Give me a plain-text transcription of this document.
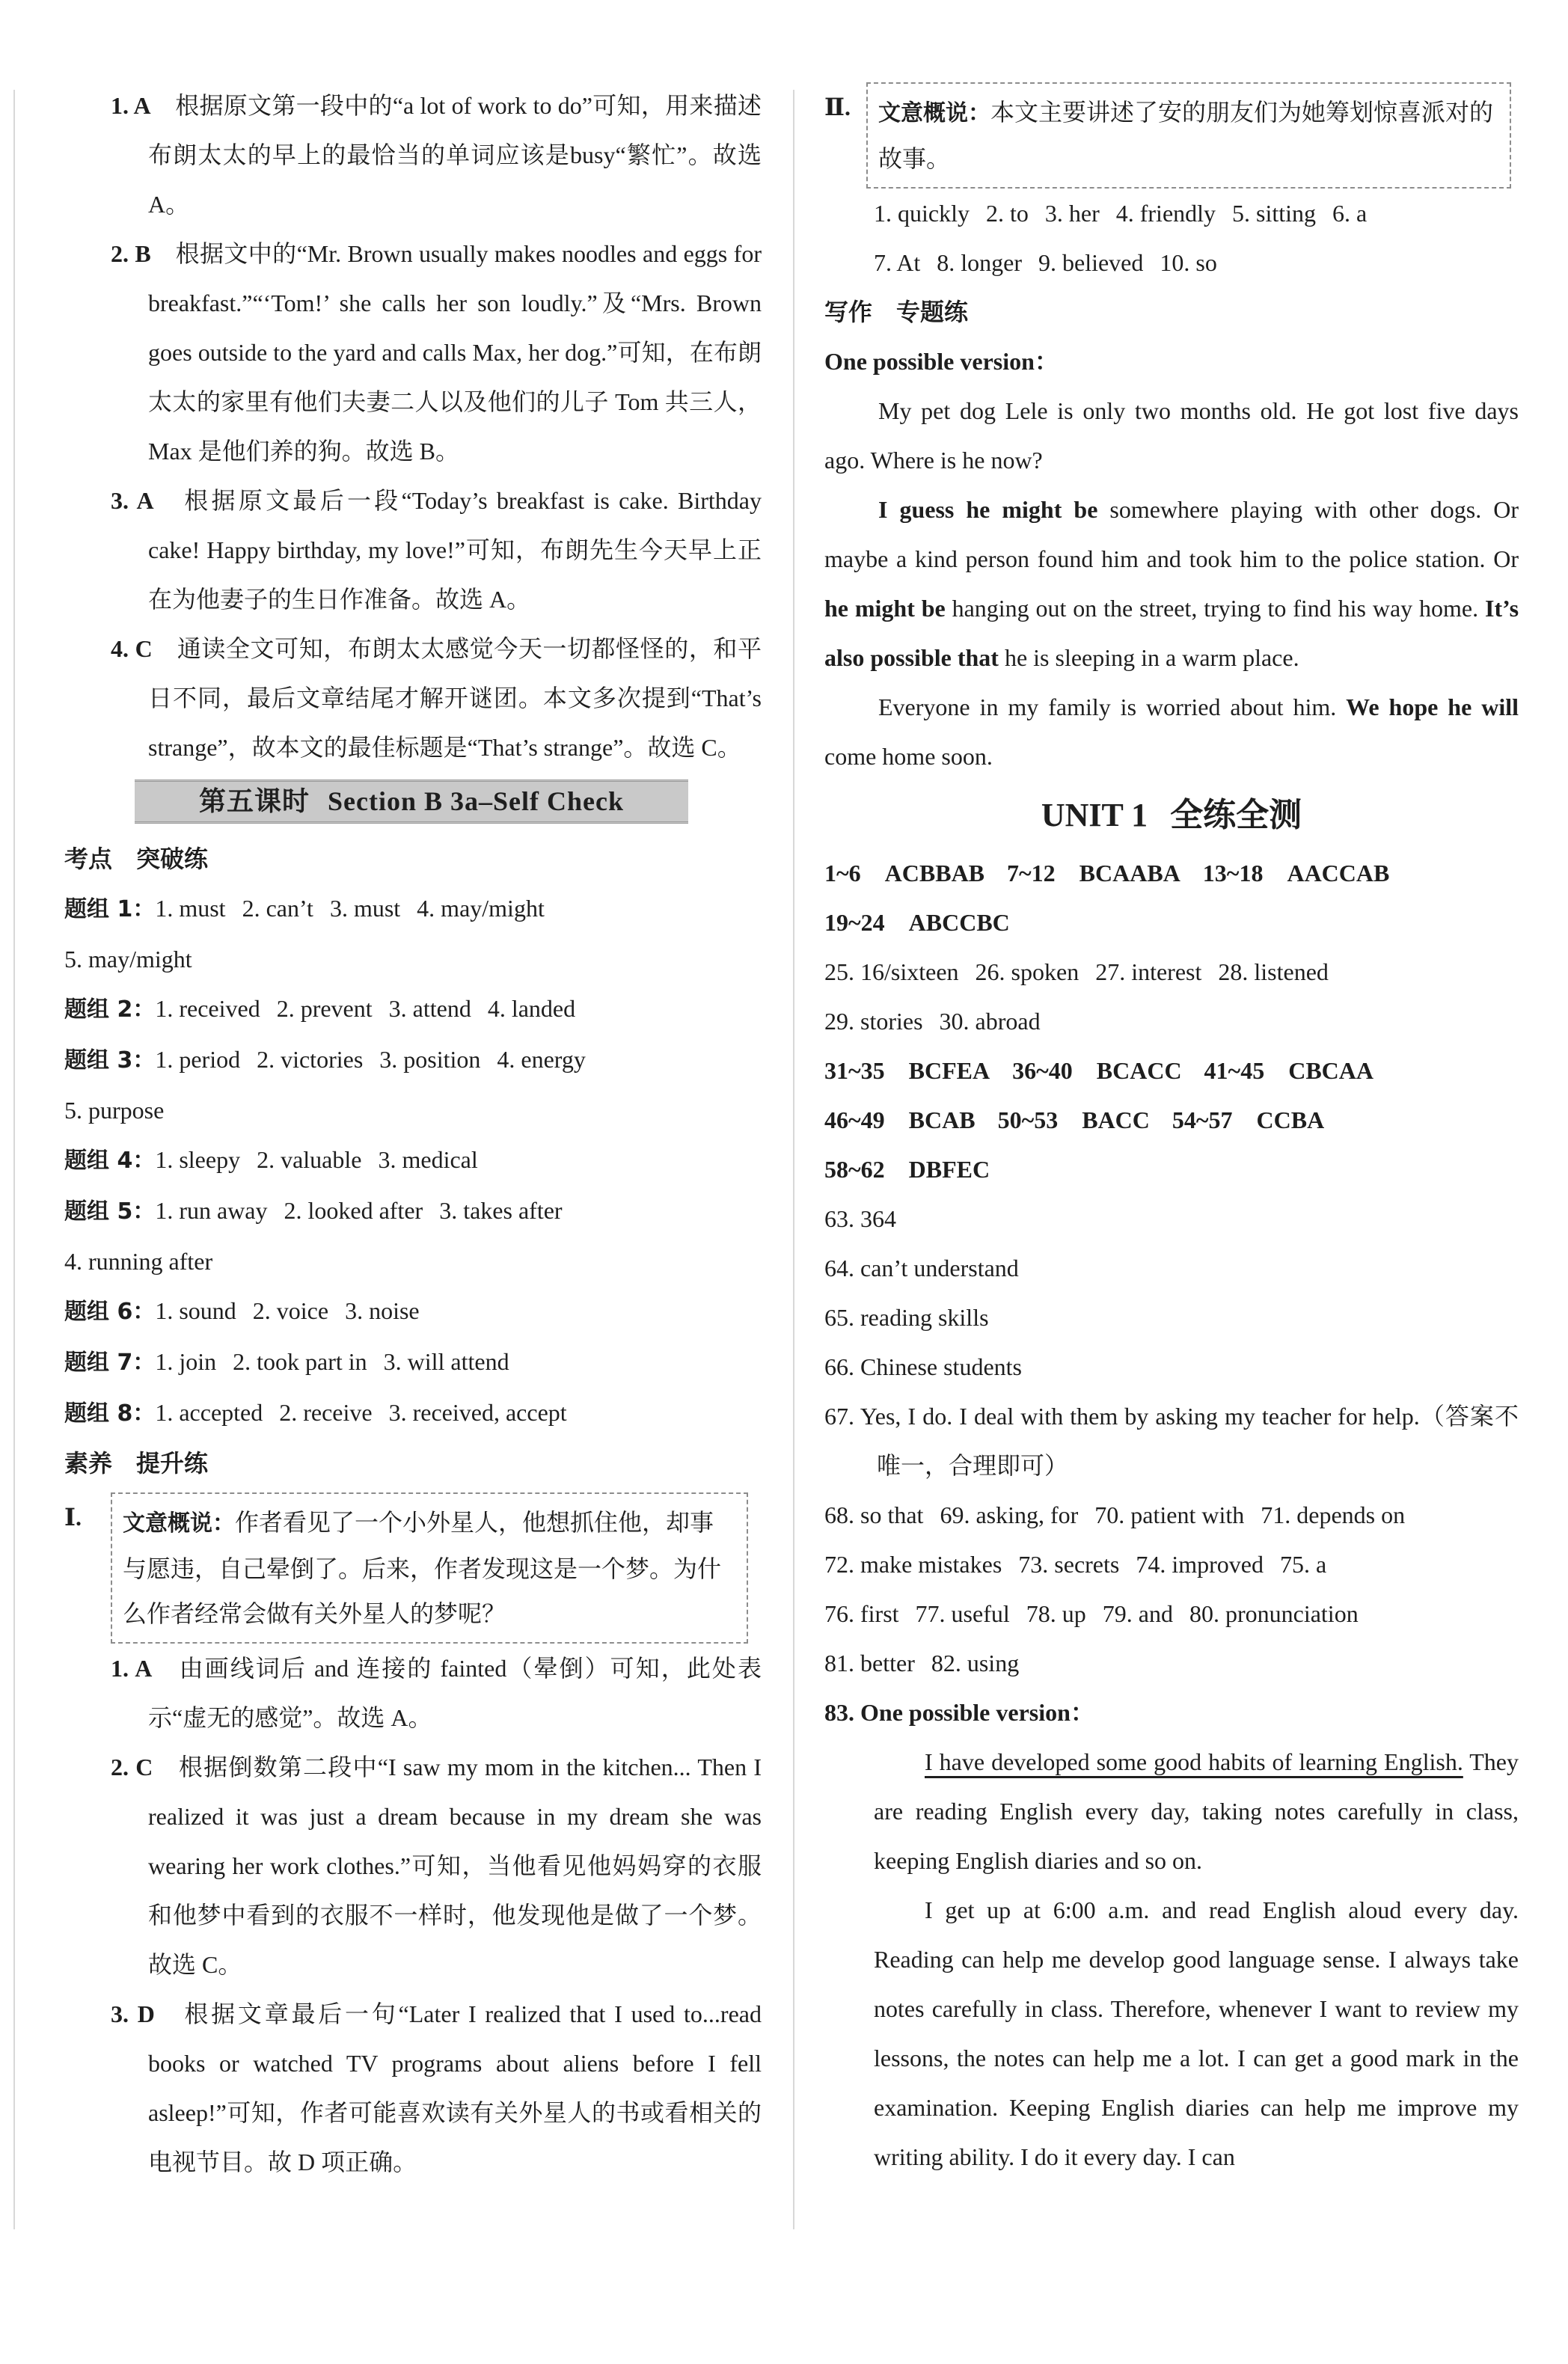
1. A　 根据原文第一段中的“a lot of work to do”可知，用来描述布朗太太的早上的最恰当的单词应该是busy“繁忙”。故选 A。

2. B　 根据文中的“Mr. Brown usually makes noodles and eggs for breakfast.”“‘Tom!’ she calls her son loudly.”及“Mrs. Brown goes outside to the yard and calls Max, her dog.”可知，在布朗太太的家里有他们夫妻二人以及他们的儿子 Tom 共三人，Max 是他们养的狗。故选 B。

3. A　 根据原文最后一段“Today’s breakfast is cake. Birthday cake! Happy birthday, my love!”可知，布朗先生今天早上正在为他妻子的生日作准备。故选 A。

4. C　 通读全文可知，布朗太太感觉今天一切都怪怪的，和平日不同，最后文章结尾才解开谜团。本文多次提到“That’s strange”，故本文的最佳标题是“That’s strange”。故选 C。

第五课时 Section B 3a–Self Check

考点　突破练

题组 1：1. must 2. can’t 3. must 4. may/might

5. may/might

题组 2：1. received 2. prevent 3. attend 4. landed

题组 3：1. period 2. victories 3. position 4. energy

5. purpose

题组 4：1. sleepy 2. valuable 3. medical

题组 5：1. run away 2. looked after 3. takes after

4. running after

题组 6：1. sound 2. voice 3. noise

题组 7：1. join 2. took part in 3. will attend

题组 8：1. accepted 2. receive 3. received, accept

素养　提升练

Ⅰ.	文意概说：作者看见了一个小外星人，他想抓住他，却事与愿违，自己晕倒了。后来，作者发现这是一个梦。为什么作者经常会做有关外星人的梦呢？

1. A　 由画线词后 and 连接的 fainted（晕倒）可知，此处表示“虚无的感觉”。故选 A。

2. C　 根据倒数第二段中“I saw my mom in the kitchen... Then I realized it was just a dream because in my dream she was wearing her work clothes.”可知，当他看见他妈妈穿的衣服和他梦中看到的衣服不一样时，他发现他是做了一个梦。故选 C。

3. D　 根据文章最后一句“Later I realized that I used to...read books or watched TV programs about aliens before I fell asleep!”可知，作者可能喜欢读有关外星人的书或看相关的电视节目。故 D 项正确。

Ⅱ.	文意概说：本文主要讲述了安的朋友们为她筹划惊喜派对的故事。

1. quickly 2. to 3. her 4. friendly 5. sitting 6. a

7. At 8. longer 9. believed 10. so

写作　专题练

One possible version：

My pet dog Lele is only two months old. He got lost five days ago. Where is he now?

I guess he might be somewhere playing with other dogs. Or maybe a kind person found him and took him to the police station. Or he might be hanging out on the street, trying to find his way home. It’s also possible that he is sleeping in a warm place.

Everyone in my family is worried about him. We hope he will come home soon.

UNIT 1 全练全测

1~6　 ACBBAB 7~12　 BCAABA 13~18　 AACCAB

19~24　 ABCCBC

25. 16/sixteen 26. spoken 27. interest 28. listened

29. stories 30. abroad

31~35　 BCFEA 36~40　 BCACC 41~45　 CBCAA

46~49　 BCAB 50~53　 BACC 54~57　 CCBA

58~62　 DBFEC

63. 364

64. can’t understand

65. reading skills

66. Chinese students

67. Yes, I do. I deal with them by asking my teacher for help.（答案不唯一，合理即可）

68. so that 69. asking, for 70. patient with 71. depends on

72. make mistakes 73. secrets 74. improved 75. a

76. first 77. useful 78. up 79. and 80. pronunciation

81. better 82. using

83. One possible version：

I have developed some good habits of learning English. They are reading English every day, taking notes carefully in class, keeping English diaries and so on.

I get up at 6:00 a.m. and read English aloud every day. Reading can help me develop good language sense. I always take notes carefully in class. Therefore, whenever I want to review my lessons, the notes can help me a lot. I can get a good mark in the examination. Keeping English diaries can help me improve my writing ability. I do it every day. I can
